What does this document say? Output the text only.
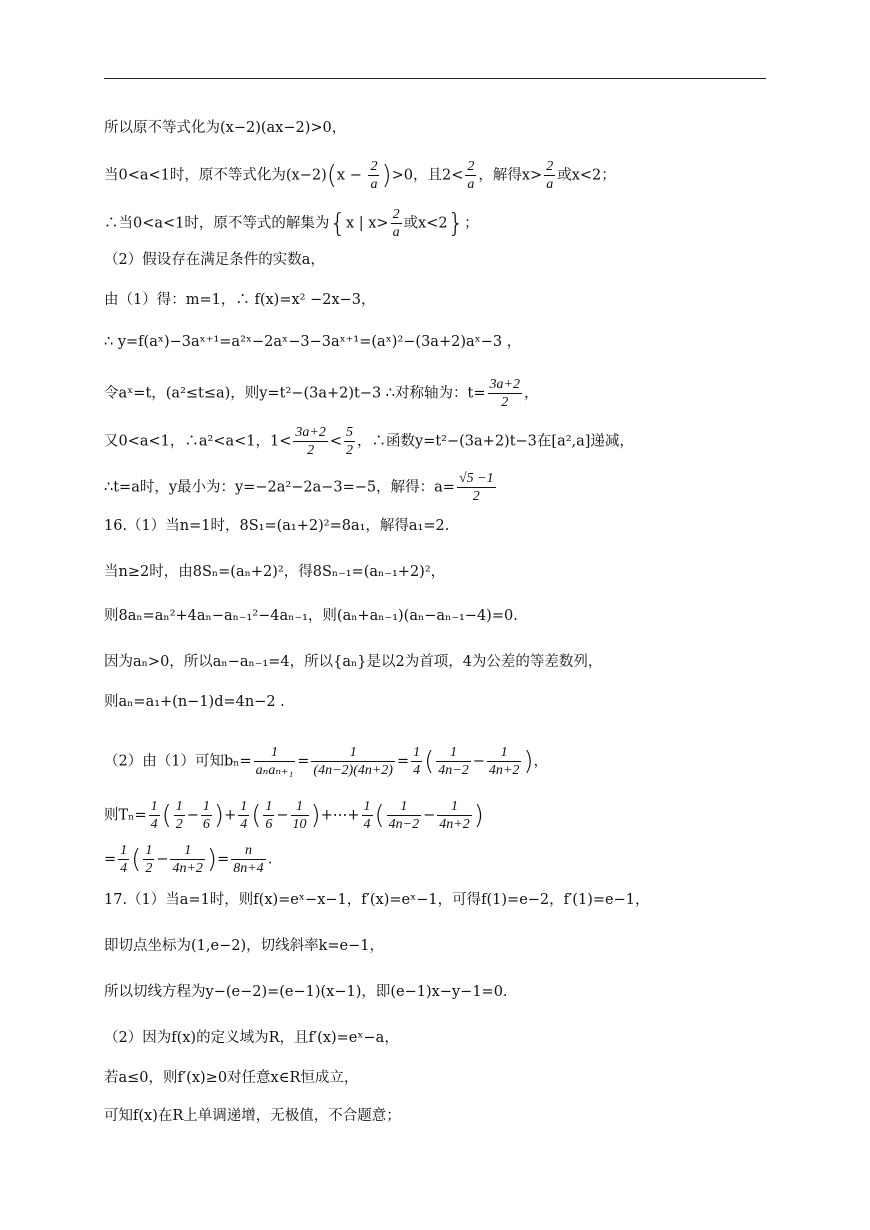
所以原不等式化为(x−2)(ax−2)>0，
当0<a<1时，原不等式化为$(x-2)(x - \frac{2}{a} )>0$，且$2< \frac{2}{a}$ ，解得$x> \frac{2}{a}$ 或x<2；
∴当0<a<1时，原不等式的解集为{x | $x> \frac{2}{a}$ 或x<2}；
（2）假设存在满足条件的实数a，
由（1）得：m=1，∴ f(x)=x² −2x−3，
∴ y=f(aˣ)−3aˣ⁺¹=a²ˣ−2aˣ−3−3aˣ⁺¹=(aˣ)²−(3a+2)aˣ−3 ，
令aˣ=t，(a²≤t≤a)，则y=t²−(3a+2)t−3 ∴对称轴为：$t= \frac{3a+2}{2}$ ，
又0<a<1，∴a²<a<1，$1< \frac{3a+2}{2} < \frac{5}{2}$ ，∴函数y=t²−(3a+2)t−3在[a²,a]递减，
∴t=a时，y最小为：y=−2a²−2a−3=−5，解得：$a= \frac{√5 -1}{2}$
16.（1）当n=1时，8S₁=(a₁+2)²=8a₁，解得a₁=2.
当n≥2时，由8Sₙ=(aₙ+2)²，得8Sₙ₋₁=(aₙ₋₁+2)²，
则8aₙ=aₙ²+4aₙ−aₙ₋₁²−4aₙ₋₁，则(aₙ+aₙ₋₁)(aₙ−aₙ₋₁−4)=0.
因为aₙ>0，所以aₙ−aₙ₋₁=4，所以{aₙ}是以2为首项，4为公差的等差数列，
则aₙ=a₁+(n−1)d=4n−2 .
（2）由（1）可知$b_n= \frac{1}{\text{aₙaₙ₊₁}} = \frac{1}{(4n-2)(4n+2)} = \frac{1}{4}$ ( $\frac{1}{4n-2} - \frac{1}{4n+2}$ )，
则$T_n= \frac{1}{4}$ ( $\frac{1}{2} - \frac{1}{6}$ )+ $\frac{1}{4}$ ( $\frac{1}{6} - \frac{1}{10}$ )+⋯+ $\frac{1}{4}$ ( $\frac{1}{4n-2} - \frac{1}{4n+2}$ )
= $\frac{1}{4}$ ( $\frac{1}{2} - \frac{1}{4n+2}$ )= $\frac{n}{8n+4}$ .
17.（1）当a=1时，则f(x)=eˣ−x−1，f′(x)=eˣ−1，可得f(1)=e−2，f′(1)=e−1，
即切点坐标为(1,e−2)，切线斜率k=e−1，
所以切线方程为y−(e−2)=(e−1)(x−1)，即(e−1)x−y−1=0.
（2）因为f(x)的定义域为R，且f′(x)=eˣ−a，
若a≤0，则f′(x)≥0对任意x∈R恒成立，
可知f(x)在R上单调递增，无极值，不合题意；
